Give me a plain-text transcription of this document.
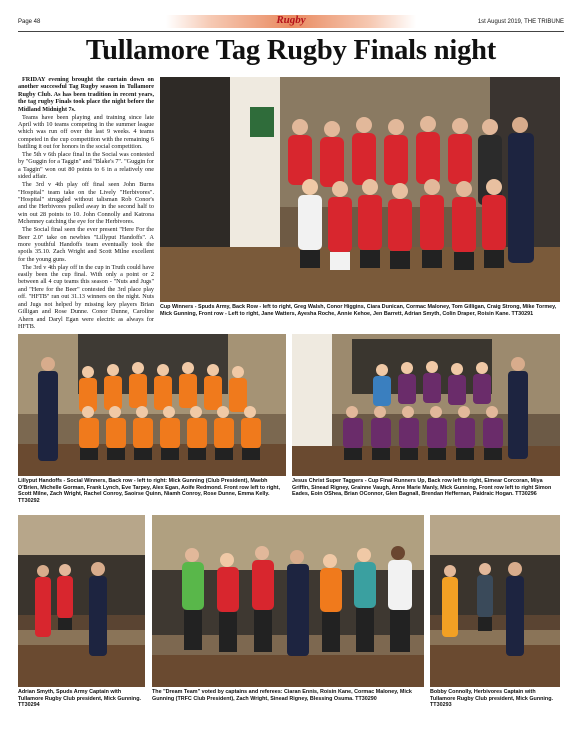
Page 48	Rugby	1st August 2019, THE TRIBUNE
Tullamore Tag Rugby Finals night

FRIDAY evening brought the curtain down on another successful Tag Rugby season in Tullamore Rugby Club. As has been tradition in recent years, the tag rugby Finals took place the night before the Midland Midnight 7s.

Teams have been playing and training since late April with 10 teams competing in the summer league which was run off over the last 9 weeks. 4 teams competed in the cup competition with the remaining 6 battling it out for honors in the social competition.

The 5th v 6th place final in the Social was contested by "Guggin for a Taggin" and "Blake's 7". "Guggin for a Taggin" won out 80 points to 6 in a relatively one sided affair.

The 3rd v 4th play off final seen John Burns "Hospital" team take on the Lively "Herbivores". "Hospital" struggled without talisman Rob Conor's and the Herbivores pulled away in the second half to win out 28 points to 10. John Connolly and Katrona Mchenney catching the eye for the Herbivores.

The Social final seen the ever present "Here For the Beer 2.0" take on newbies "Lillyput Handoffs". A more youthful Handoffs team eventually took the spoils 35.10. Zach Wright and Scott Milne excellent for the young guns.

The 3rd v 4th play off in the cup in Truth could have easily been the cup final. With only a point or 2 between all 4 cup teams this season - "Nuts and Jugs" and "Here for the Beer" contested the 3rd place play off. "HFTB" ran out 31.13 winners on the night. Nuts and Jugs not helped by missing key players Brian Gilligan and Rose Dunne. Conor Dunne, Caroline Ahern and Daryl Egan were electric as always for HFTB.

Cup Winners - Spuds Army, Back Row - left to right, Greg Walsh, Conor Higgins, Ciara Dunican, Cormac Maloney, Tom Gilligan, Craig Strong, Mike Tormey, Mick Gunning, Front row - Left to right, Jane Watters, Ayesha Roche, Annie Kehoe, Jen Barrett, Adrian Smyth, Colin Draper, Roisin Kane. TT30291
Lillyput Handoffs - Social Winners, Back row - left to right: Mick Gunning (Club President), Maebh O'Brien, Michelle Gorman, Frank Lynch, Eve Tarpey, Alex Egan, Aoife Redmond. Front row left to right, Scott Milne, Zach Wright, Rachel Conroy, Saoirse Quinn, Niamh Conroy, Rose Dunne, Emma Kelly. TT30292
Jesus Christ Super Taggers - Cup Final Runners Up, Back row left to right, Eimear Corcoran, Miya Griffin, Sinead Rigney, Grainne Vaugh, Anne Marie Manly, Mick Gunning, Front row left to right Simon Eades, Eoin OShea, Brian OConnor, Glen Bagnall, Brendan Heffernan, Paidraic Hogan. TT30296
Adrian Smyth, Spuds Army Captain with Tullamore Rugby Club president, Mick Gunning. TT30294
The "Dream Team" voted by captains and referees: Ciaran Ennis, Roisin Kane, Cormac Maloney, Mick Gunning (TRFC Club President), Zach Wright, Sinead Rigney, Blessing Osuma. TT30290
Bobby Connolly, Herbivores Captain with Tullamore Rugby Club president, Mick Gunning. TT30293
